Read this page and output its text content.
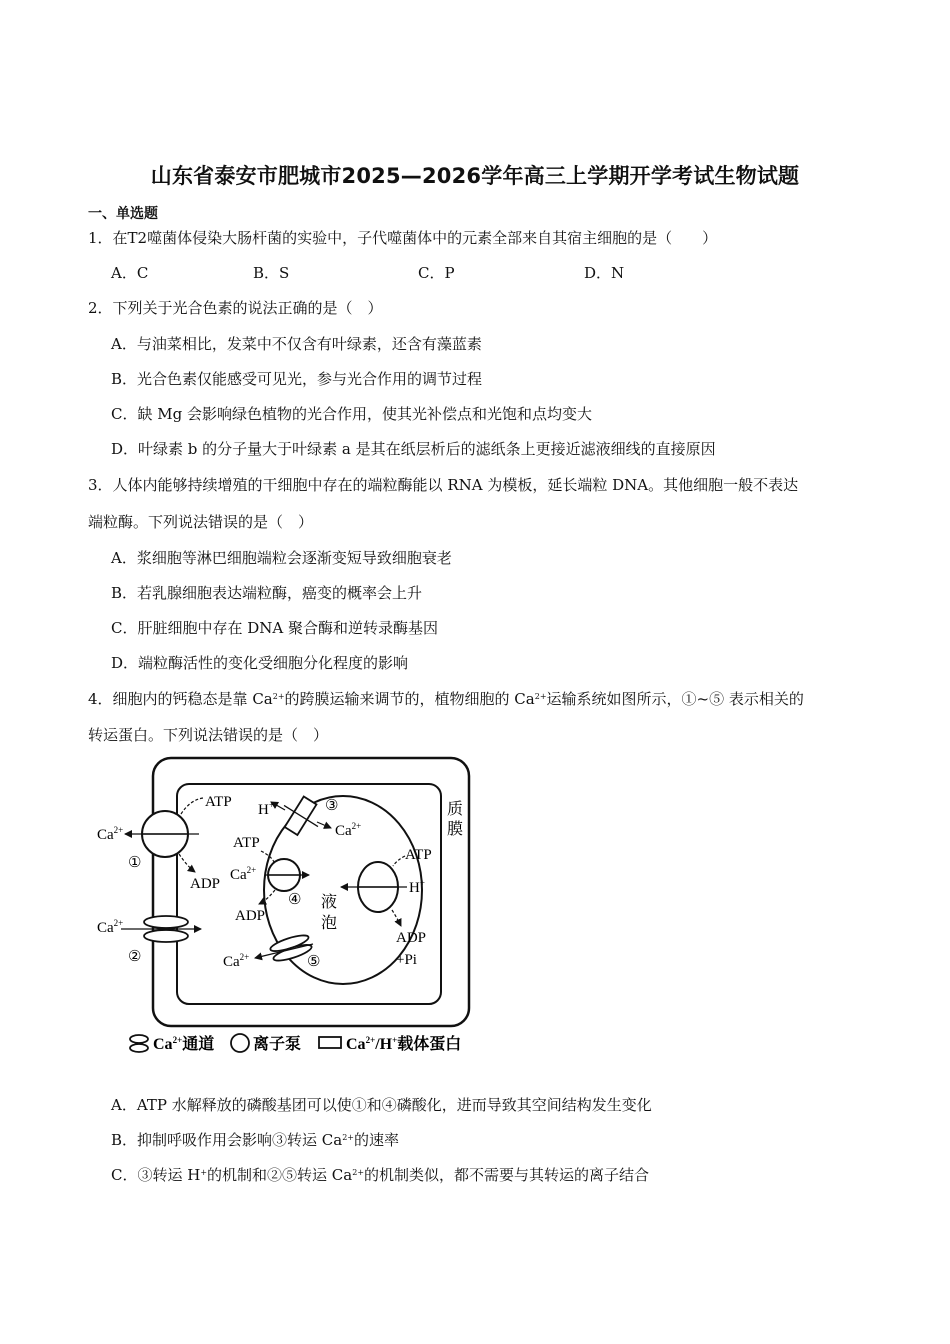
山东省泰安市肥城市2025—2026学年高三上学期开学考试生物试题
一、单选题
1．在T2噬菌体侵染大肠杆菌的实验中，子代噬菌体中的元素全部来自其宿主细胞的是（　　）
A．C	B．S	C．P	D．N
2．下列关于光合色素的说法正确的是（　）
A．与油菜相比，发菜中不仅含有叶绿素，还含有藻蓝素
B．光合色素仅能感受可见光，参与光合作用的调节过程
C．缺 Mg 会影响绿色植物的光合作用，使其光补偿点和光饱和点均变大
D．叶绿素 b 的分子量大于叶绿素 a 是其在纸层析后的滤纸条上更接近滤液细线的直接原因
3．人体内能够持续增殖的干细胞中存在的端粒酶能以 RNA 为模板，延长端粒 DNA。其他细胞一般不表达
端粒酶。下列说法错误的是（　）
A．浆细胞等淋巴细胞端粒会逐渐变短导致细胞衰老
B．若乳腺细胞表达端粒酶，癌变的概率会上升
C．肝脏细胞中存在 DNA 聚合酶和逆转录酶基因
D．端粒酶活性的变化受细胞分化程度的影响
4．细胞内的钙稳态是靠 $Ca^{2+}$的跨膜运输来调节的，植物细胞的 $Ca^{2+}$运输系统如图所示，①~⑤ 表示相关的
转运蛋白。下列说法错误的是（　）
质
膜
液
泡
$Ca^{2+}$
①
ATP
ADP
$Ca^{2+}$
②
H+
$Ca^{2+}$
③
$Ca^{2+}$
ATP
ADP
④
$Ca^{2+}$	⑤
H+
ATP
ADP
+Pi
$Ca^{2+}$通道 离子泵	$Ca^{2+}/H^+$载体蛋白
A．ATP 水解释放的磷酸基团可以使①和④磷酸化，进而导致其空间结构发生变化
B．抑制呼吸作用会影响③转运 $Ca^{2+}$的速率
C．③转运 H+的机制和②⑤转运 $Ca^{2+}$的机制类似，都不需要与其转运的离子结合
